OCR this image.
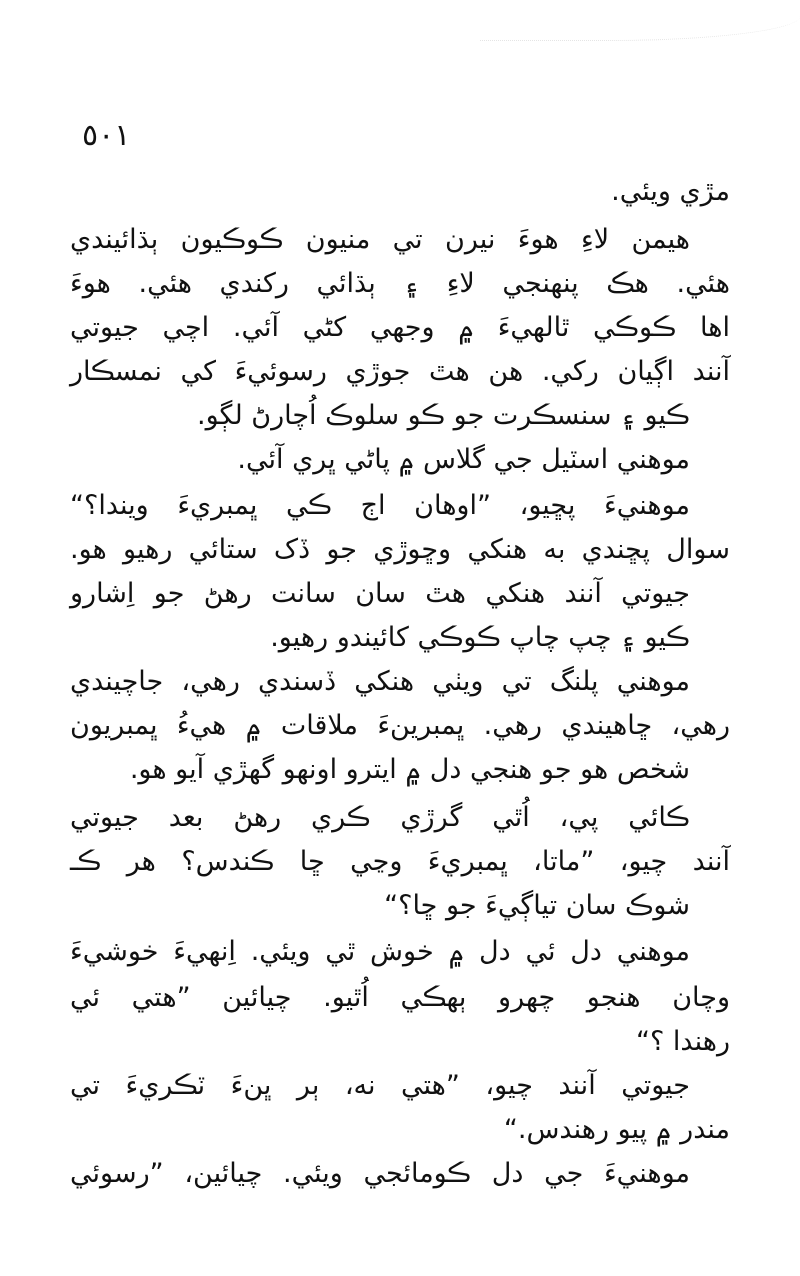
١٠٥
مڙي ويئي.
هيمن لاءِ هوءَ نيرن تي منيون ڪوڪيون ٻڌائيندي
هئي. هڪ پنهنجي لاءِ ۽ ٻڌائي رکندي هئي. هوءَ
اها ڪوڪي ٿالهيءَ ۾ وجهي کڻي آئي. اچي جيوتي
آنند اڳيان رکي. هن هٿ جوڙي رسوئيءَ کي نمسڪار
ڪيو ۽ سنسڪرت جو ڪو سلوڪ اُچارڻ لڳو.
موهني اسٽيل جي گلاس ۾ پاڻي ڀري آئي.
موهنيءَ پڇيو، ”اوهان اڄ ڪي ڀمبريءَ ويندا؟“
سوال پڇندي به هنکي وڇوڙي جو ڏک ستائي رهيو هو.
جيوتي آنند هنکي هٿ سان سانت رهڻ جو اِشارو
ڪيو ۽ چپ چاپ ڪوڪي کائيندو رهيو.
موهني پلنگ تي ويٺي هنکي ڏسندي رهي، جاچيندي
رهي، ڇاهيندي رهي. ڀمبرينءَ ملاقات ۾ هيءُ ڀمبريون
شخص هو جو هنجي دل ۾ ايترو اونهو گهڙي آيو هو.
ڪائي پي، اُٿي گرڙي ڪري رهڻ بعد جيوتي
آنند چيو، ”ماتا، ڀمبريءَ وڃي ڇا ڪندس؟ هر ڪـ
شوڪ سان تياڳيءَ جو ڇا؟“
موهني دل ئي دل ۾ خوش ٿي ويئي. اِنهيءَ خوشيءَ
وچان هنجو چهرو ٻهڪي اُٿيو. چيائين ”هتي ئي
رهندا ؟“
جيوتي آنند چيو، ”هتي نه، ٻر ڀنءَ ٽڪريءَ تي
مندر ۾ پيو رهندس.“
موهنيءَ جي دل ڪومائجي ويئي. چيائين، ”رسوئي
